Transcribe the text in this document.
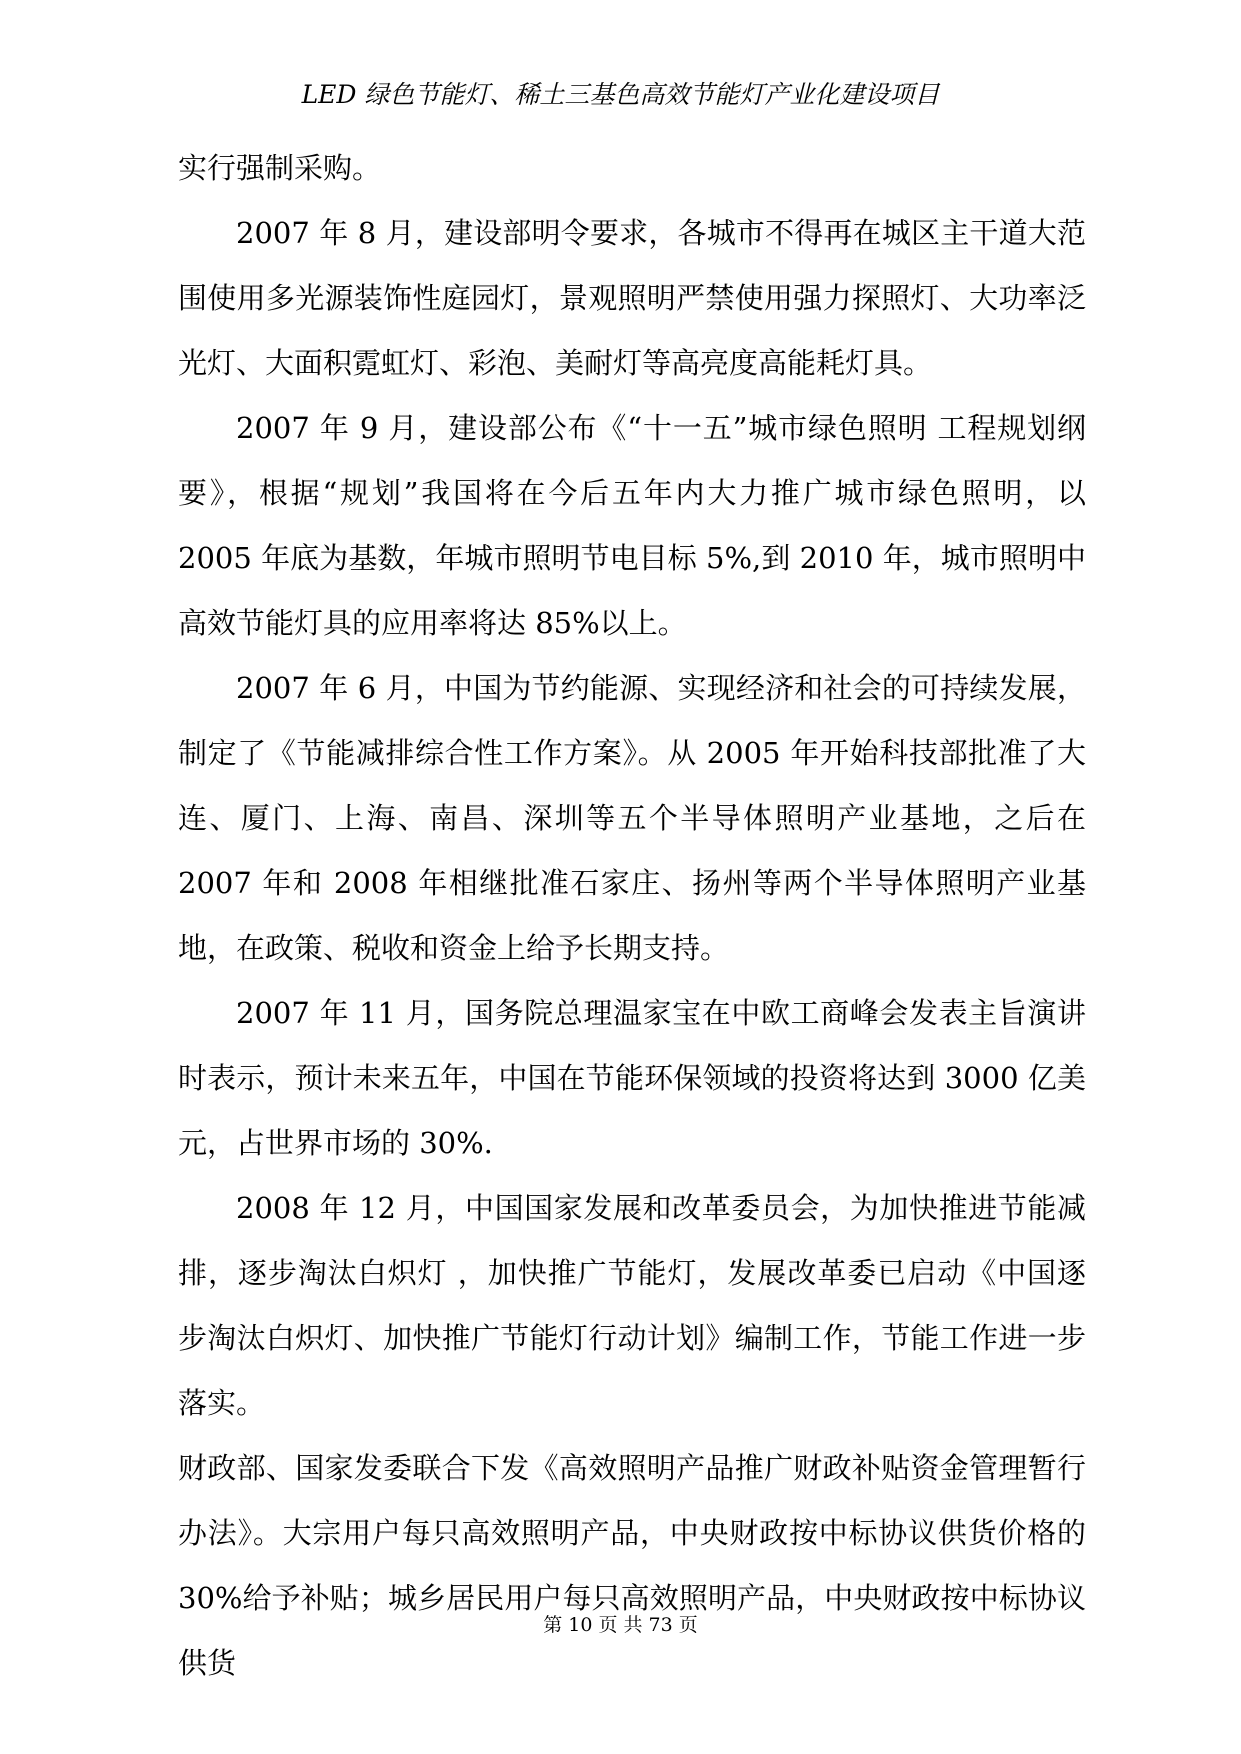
LED 绿色节能灯、稀土三基色高效节能灯产业化建设项目

实行强制采购。

2007 年 8 月，建设部明令要求，各城市不得再在城区主干道大范围使用多光源装饰性庭园灯，景观照明严禁使用强力探照灯、大功率泛光灯、大面积霓虹灯、彩泡、美耐灯等高亮度高能耗灯具。

2007 年 9 月，建设部公布《“十一五”城市绿色照明 工程规划纲要》，根据“规划”我国将在今后五年内大力推广城市绿色照明，以 2005 年底为基数，年城市照明节电目标 5%,到 2010 年，城市照明中高效节能灯具的应用率将达 85%以上。

2007 年 6 月，中国为节约能源、实现经济和社会的可持续发展，制定了《节能减排综合性工作方案》。从 2005 年开始科技部批准了大连、厦门、上海、南昌、深圳等五个半导体照明产业基地，之后在 2007 年和 2008 年相继批准石家庄、扬州等两个半导体照明产业基地，在政策、税收和资金上给予长期支持。

2007 年 11 月，国务院总理温家宝在中欧工商峰会发表主旨演讲时表示，预计未来五年，中国在节能环保领域的投资将达到 3000 亿美元，占世界市场的 30%.

2008 年 12 月，中国国家发展和改革委员会，为加快推进节能减排，逐步淘汰白炽灯 ，加快推广节能灯，发展改革委已启动《中国逐步淘汰白炽灯、加快推广节能灯行动计划》编制工作，节能工作进一步落实。

财政部、国家发委联合下发《高效照明产品推广财政补贴资金管理暂行办法》。大宗用户每只高效照明产品，中央财政按中标协议供货价格的 30%给予补贴；城乡居民用户每只高效照明产品，中央财政按中标协议供货

第 10 页 共 73 页
